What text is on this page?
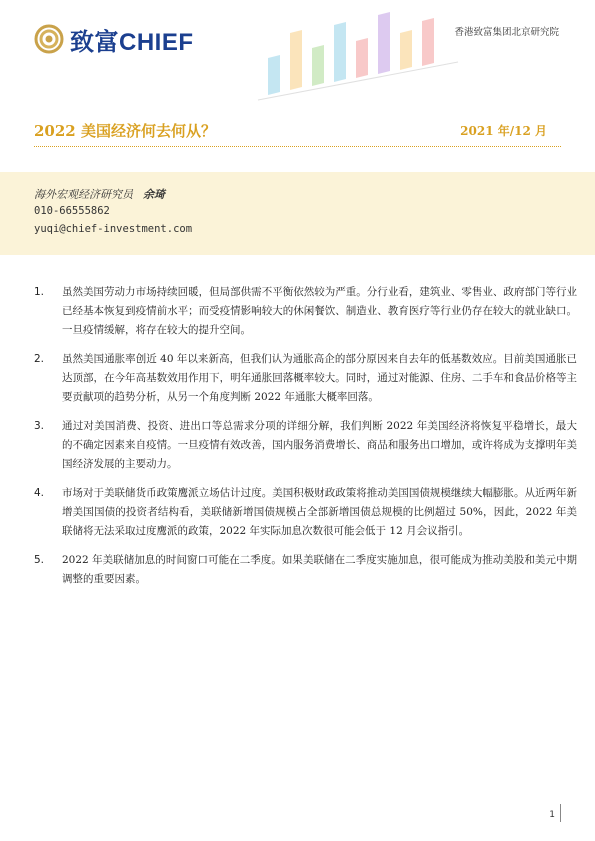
致富CHIEF	香港致富集团北京研究院
2022 美国经济何去何从？	2021 年/12 月
海外宏观经济研究员 余琦
010-66555862
yuqi@chief-investment.com
1.	虽然美国劳动力市场持续回暖，但局部供需不平衡依然较为严重。分行业看，建筑业、零售业、政府部门等行业已经基本恢复到疫情前水平；而受疫情影响较大的休闲餐饮、制造业、教育医疗等行业仍存在较大的就业缺口。一旦疫情缓解，将存在较大的提升空间。
2.	虽然美国通胀率创近 40 年以来新高，但我们认为通胀高企的部分原因来自去年的低基数效应。目前美国通胀已达顶部，在今年高基数效用作用下，明年通胀回落概率较大。同时，通过对能源、住房、二手车和食品价格等主要贡献项的趋势分析，从另一个角度判断 2022 年通胀大概率回落。
3.	通过对美国消费、投资、进出口等总需求分项的详细分解，我们判断 2022 年美国经济将恢复平稳增长，最大的不确定因素来自疫情。一旦疫情有效改善，国内服务消费增长、商品和服务出口增加，或许将成为支撑明年美国经济发展的主要动力。
4.	市场对于美联储货币政策鹰派立场估计过度。美国积极财政政策将推动美国国债规模继续大幅膨胀。从近两年新增美国国债的投资者结构看，美联储新增国债规模占全部新增国债总规模的比例超过 50%，因此，2022 年美联储将无法采取过度鹰派的政策，2022 年实际加息次数很可能会低于 12 月会议指引。
5.	2022 年美联储加息的时间窗口可能在二季度。如果美联储在二季度实施加息，很可能成为推动美股和美元中期调整的重要因素。
1
